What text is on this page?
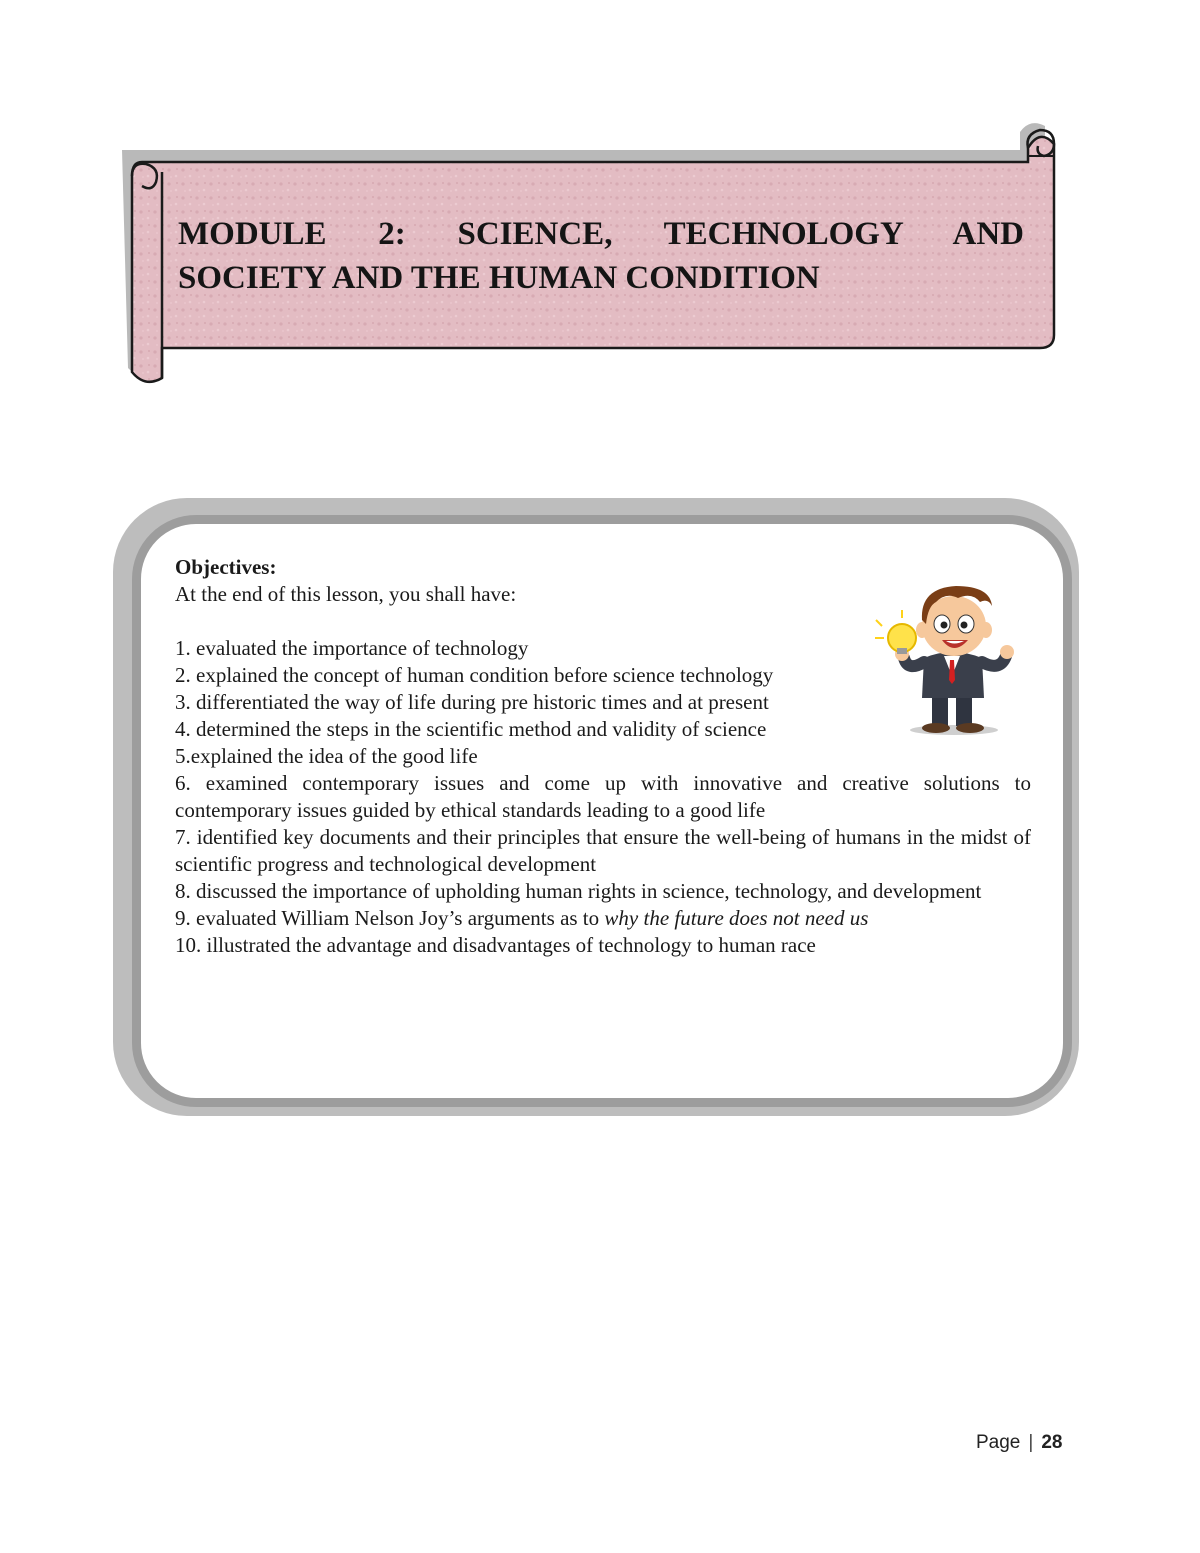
MODULE 2: SCIENCE, TECHNOLOGY AND
SOCIETY AND THE HUMAN CONDITION

Objectives:

At the end of this lesson, you shall have:

1. evaluated the importance of technology

2. explained the concept of human condition before science technology

3. differentiated the way of life during pre historic times and at present

4. determined the steps in the scientific method and validity of science

5.explained the idea of the good life

6. examined contemporary issues and come up with innovative and creative solutions to contemporary issues guided by ethical standards leading to a good life

7. identified key documents and their principles that ensure the well-being of humans in the midst of scientific progress and technological development

8. discussed the importance of upholding human rights in science, technology, and development

9. evaluated William Nelson Joy’s arguments as to why the future does not need us

10. illustrated the advantage and disadvantages of technology to human race

Page | 28
